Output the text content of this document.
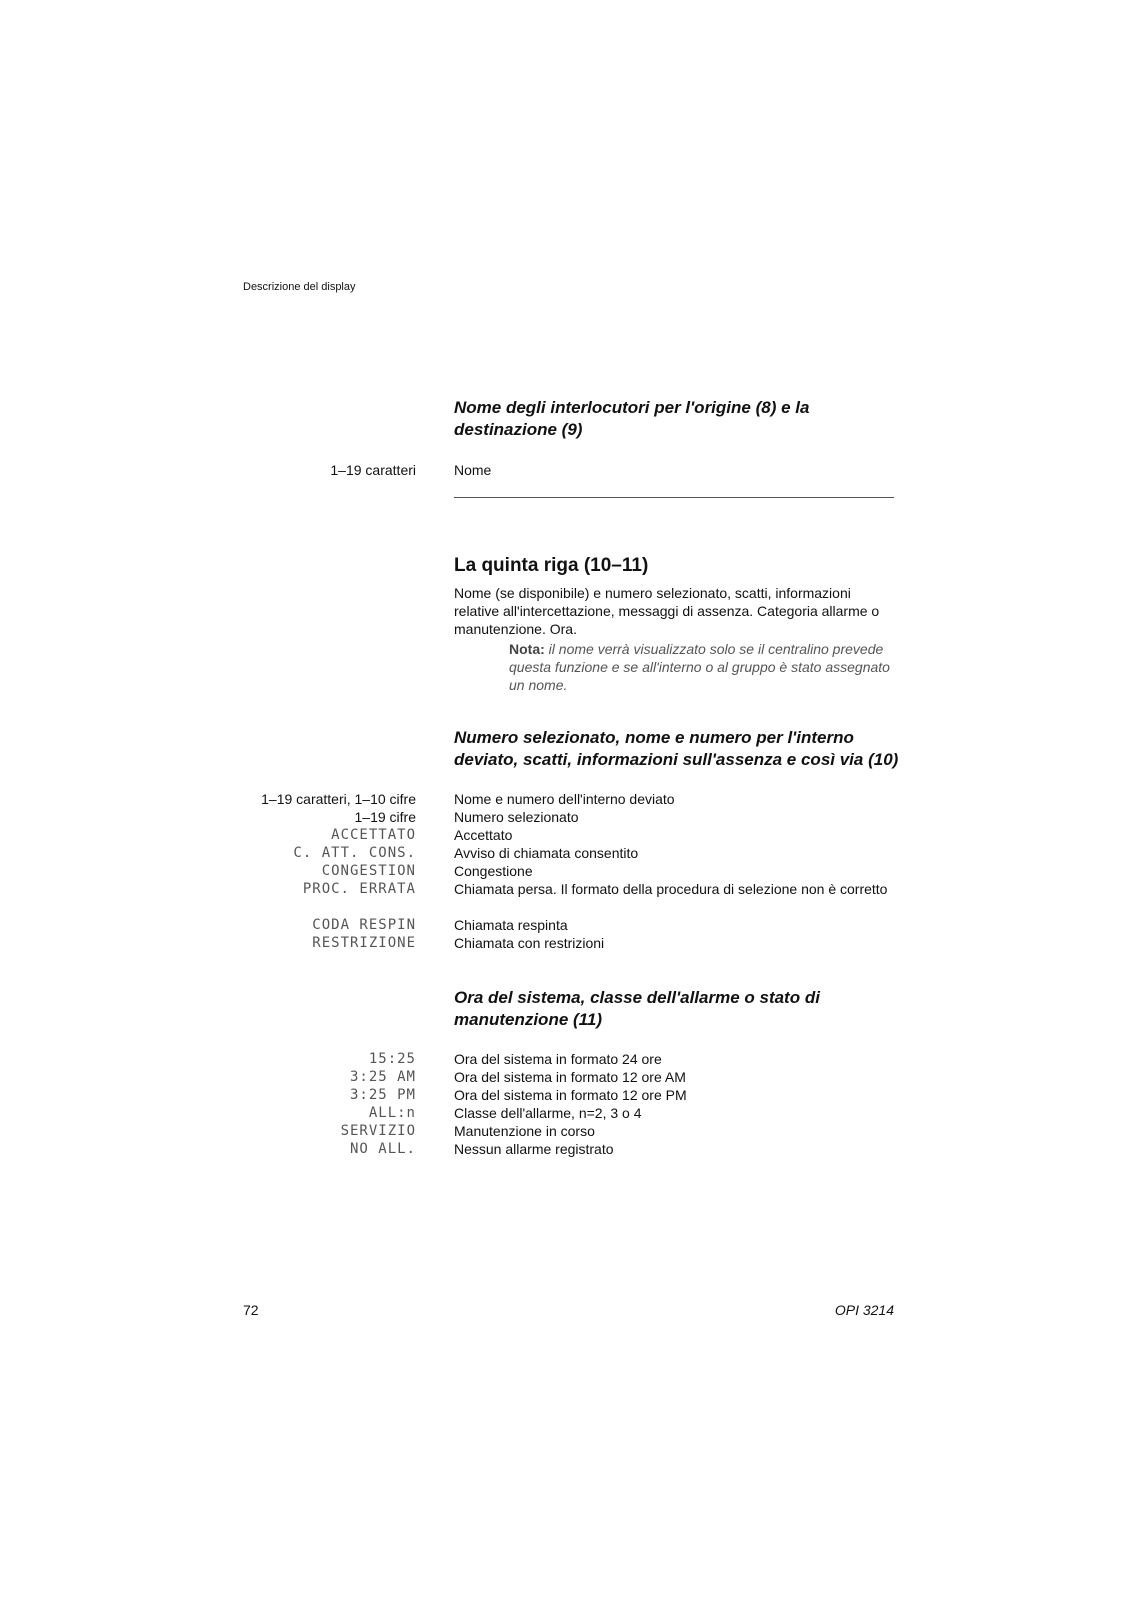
Descrizione del display
Nome degli interlocutori per l'origine (8) e la destinazione (9)
1–19 caratteri	Nome
La quinta riga (10–11)
Nome (se disponibile) e numero selezionato, scatti, informazioni relative all'intercettazione, messaggi di assenza. Categoria allarme o manutenzione. Ora.
Nota: il nome verrà visualizzato solo se il centralino prevede questa funzione e se all'interno o al gruppo è stato assegnato un nome.
Numero selezionato, nome e numero per l'interno deviato, scatti, informazioni sull'assenza e così via (10)
1–19 caratteri, 1–10 cifre	Nome e numero dell'interno deviato
1–19 cifre	Numero selezionato
ACCETTATO	Accettato
C. ATT. CONS.	Avviso di chiamata consentito
CONGESTION	Congestione
PROC. ERRATA	Chiamata persa. Il formato della procedura di selezione non è corretto
CODA RESPIN	Chiamata respinta
RESTRIZIONE	Chiamata con restrizioni
Ora del sistema, classe dell'allarme o stato di manutenzione (11)
15:25	Ora del sistema in formato 24 ore
3:25 AM	Ora del sistema in formato 12 ore AM
3:25 PM	Ora del sistema in formato 12 ore PM
ALL:n	Classe dell'allarme, n=2, 3 o 4
SERVIZIO	Manutenzione in corso
NO ALL.	Nessun allarme registrato
72	OPI 3214
